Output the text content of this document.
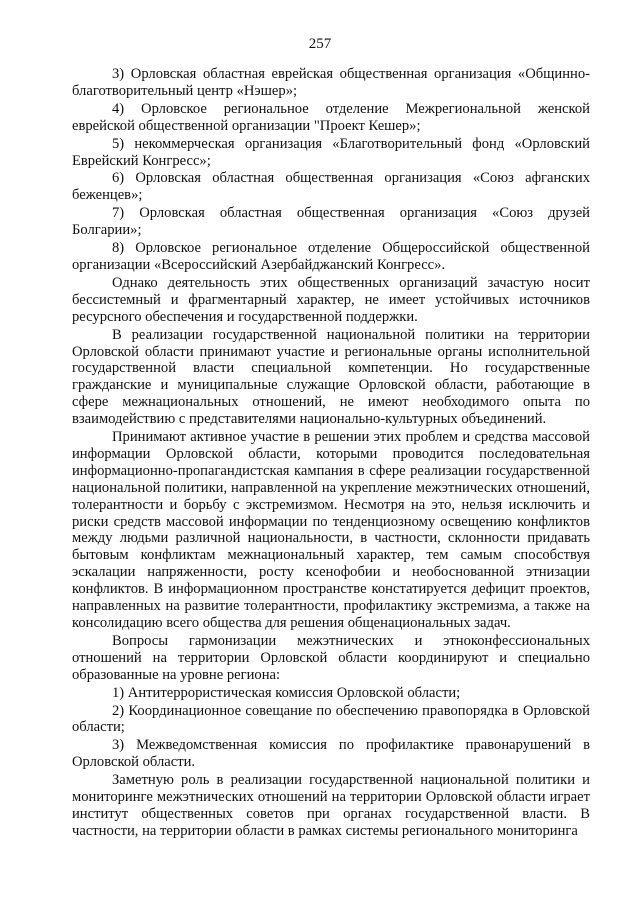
257

3) Орловская областная еврейская общественная организация «Общинно-благотворительный центр «Нэшер»;

4) Орловское региональное отделение Межрегиональной женской еврейской общественной организации "Проект Кешер»;

5) некоммерческая организация «Благотворительный фонд «Орловский Еврейский Конгресс»;

6) Орловская областная общественная организация «Союз афганских беженцев»;

7) Орловская областная общественная организация «Союз друзей Болгарии»;

8) Орловское региональное отделение Общероссийской общественной организации «Всероссийский Азербайджанский Конгресс».

Однако деятельность этих общественных организаций зачастую носит бессистемный и фрагментарный характер, не имеет устойчивых источников ресурсного обеспечения и государственной поддержки.

В реализации государственной национальной политики на территории Орловской области принимают участие и региональные органы исполнительной государственной власти специальной компетенции. Но государственные гражданские и муниципальные служащие Орловской области, работающие в сфере межнациональных отношений, не имеют необходимого опыта по взаимодействию с представителями национально-культурных объединений.

Принимают активное участие в решении этих проблем и средства массовой информации Орловской области, которыми проводится последовательная информационно-пропагандистская кампания в сфере реализации государственной национальной политики, направленной на укрепление межэтнических отношений, толерантности и борьбу с экстремизмом. Несмотря на это, нельзя исключить и риски средств массовой информации по тенденциозному освещению конфликтов между людьми различной национальности, в частности, склонности придавать бытовым конфликтам межнациональный характер, тем самым способствуя эскалации напряженности, росту ксенофобии и необоснованной этнизации конфликтов. В информационном пространстве констатируется дефицит проектов, направленных на развитие толерантности, профилактику экстремизма, а также на консолидацию всего общества для решения общенациональных задач.

Вопросы гармонизации межэтнических и этноконфессиональных отношений на территории Орловской области координируют и специально образованные на уровне региона:

1) Антитеррористическая комиссия Орловской области;

2) Координационное совещание по обеспечению правопорядка в Орловской области;

3) Межведомственная комиссия по профилактике правонарушений в Орловской области.

Заметную роль в реализации государственной национальной политики и мониторинге межэтнических отношений на территории Орловской области играет институт общественных советов при органах государственной власти. В частности, на территории области в рамках системы регионального мониторинга
